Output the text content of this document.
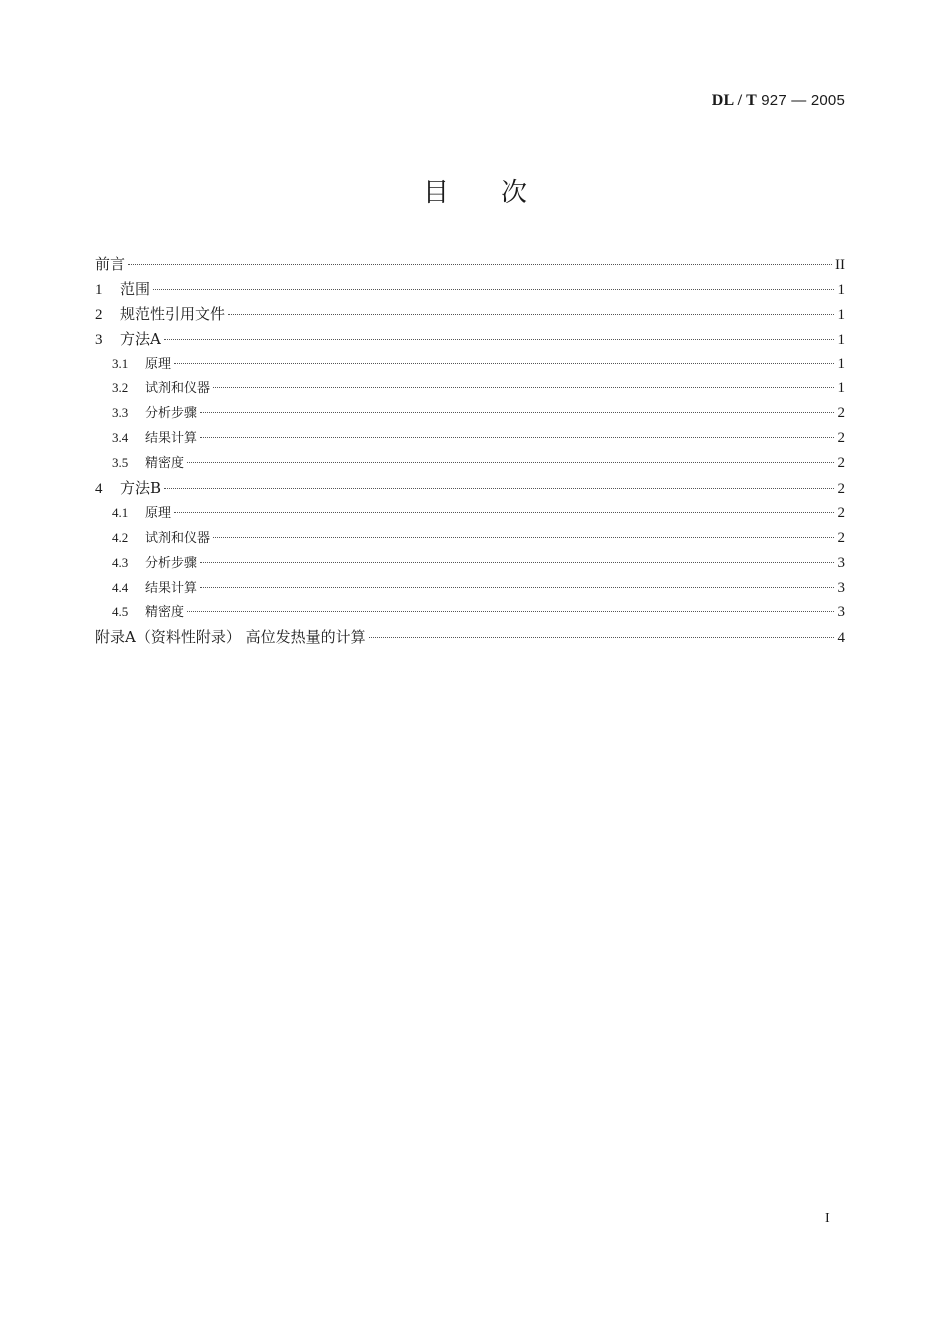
DL / T 927 — 2005
目次
前言	II
1	范围	1
2	规范性引用文件	1
3	方法A	1
3.1	原理	1
3.2	试剂和仪器	1
3.3	分析步骤	2
3.4	结果计算	2
3.5	精密度	2
4	方法B	2
4.1	原理	2
4.2	试剂和仪器	2
4.3	分析步骤	3
4.4	结果计算	3
4.5	精密度	3
附录A（资料性附录） 高位发热量的计算	4
I
